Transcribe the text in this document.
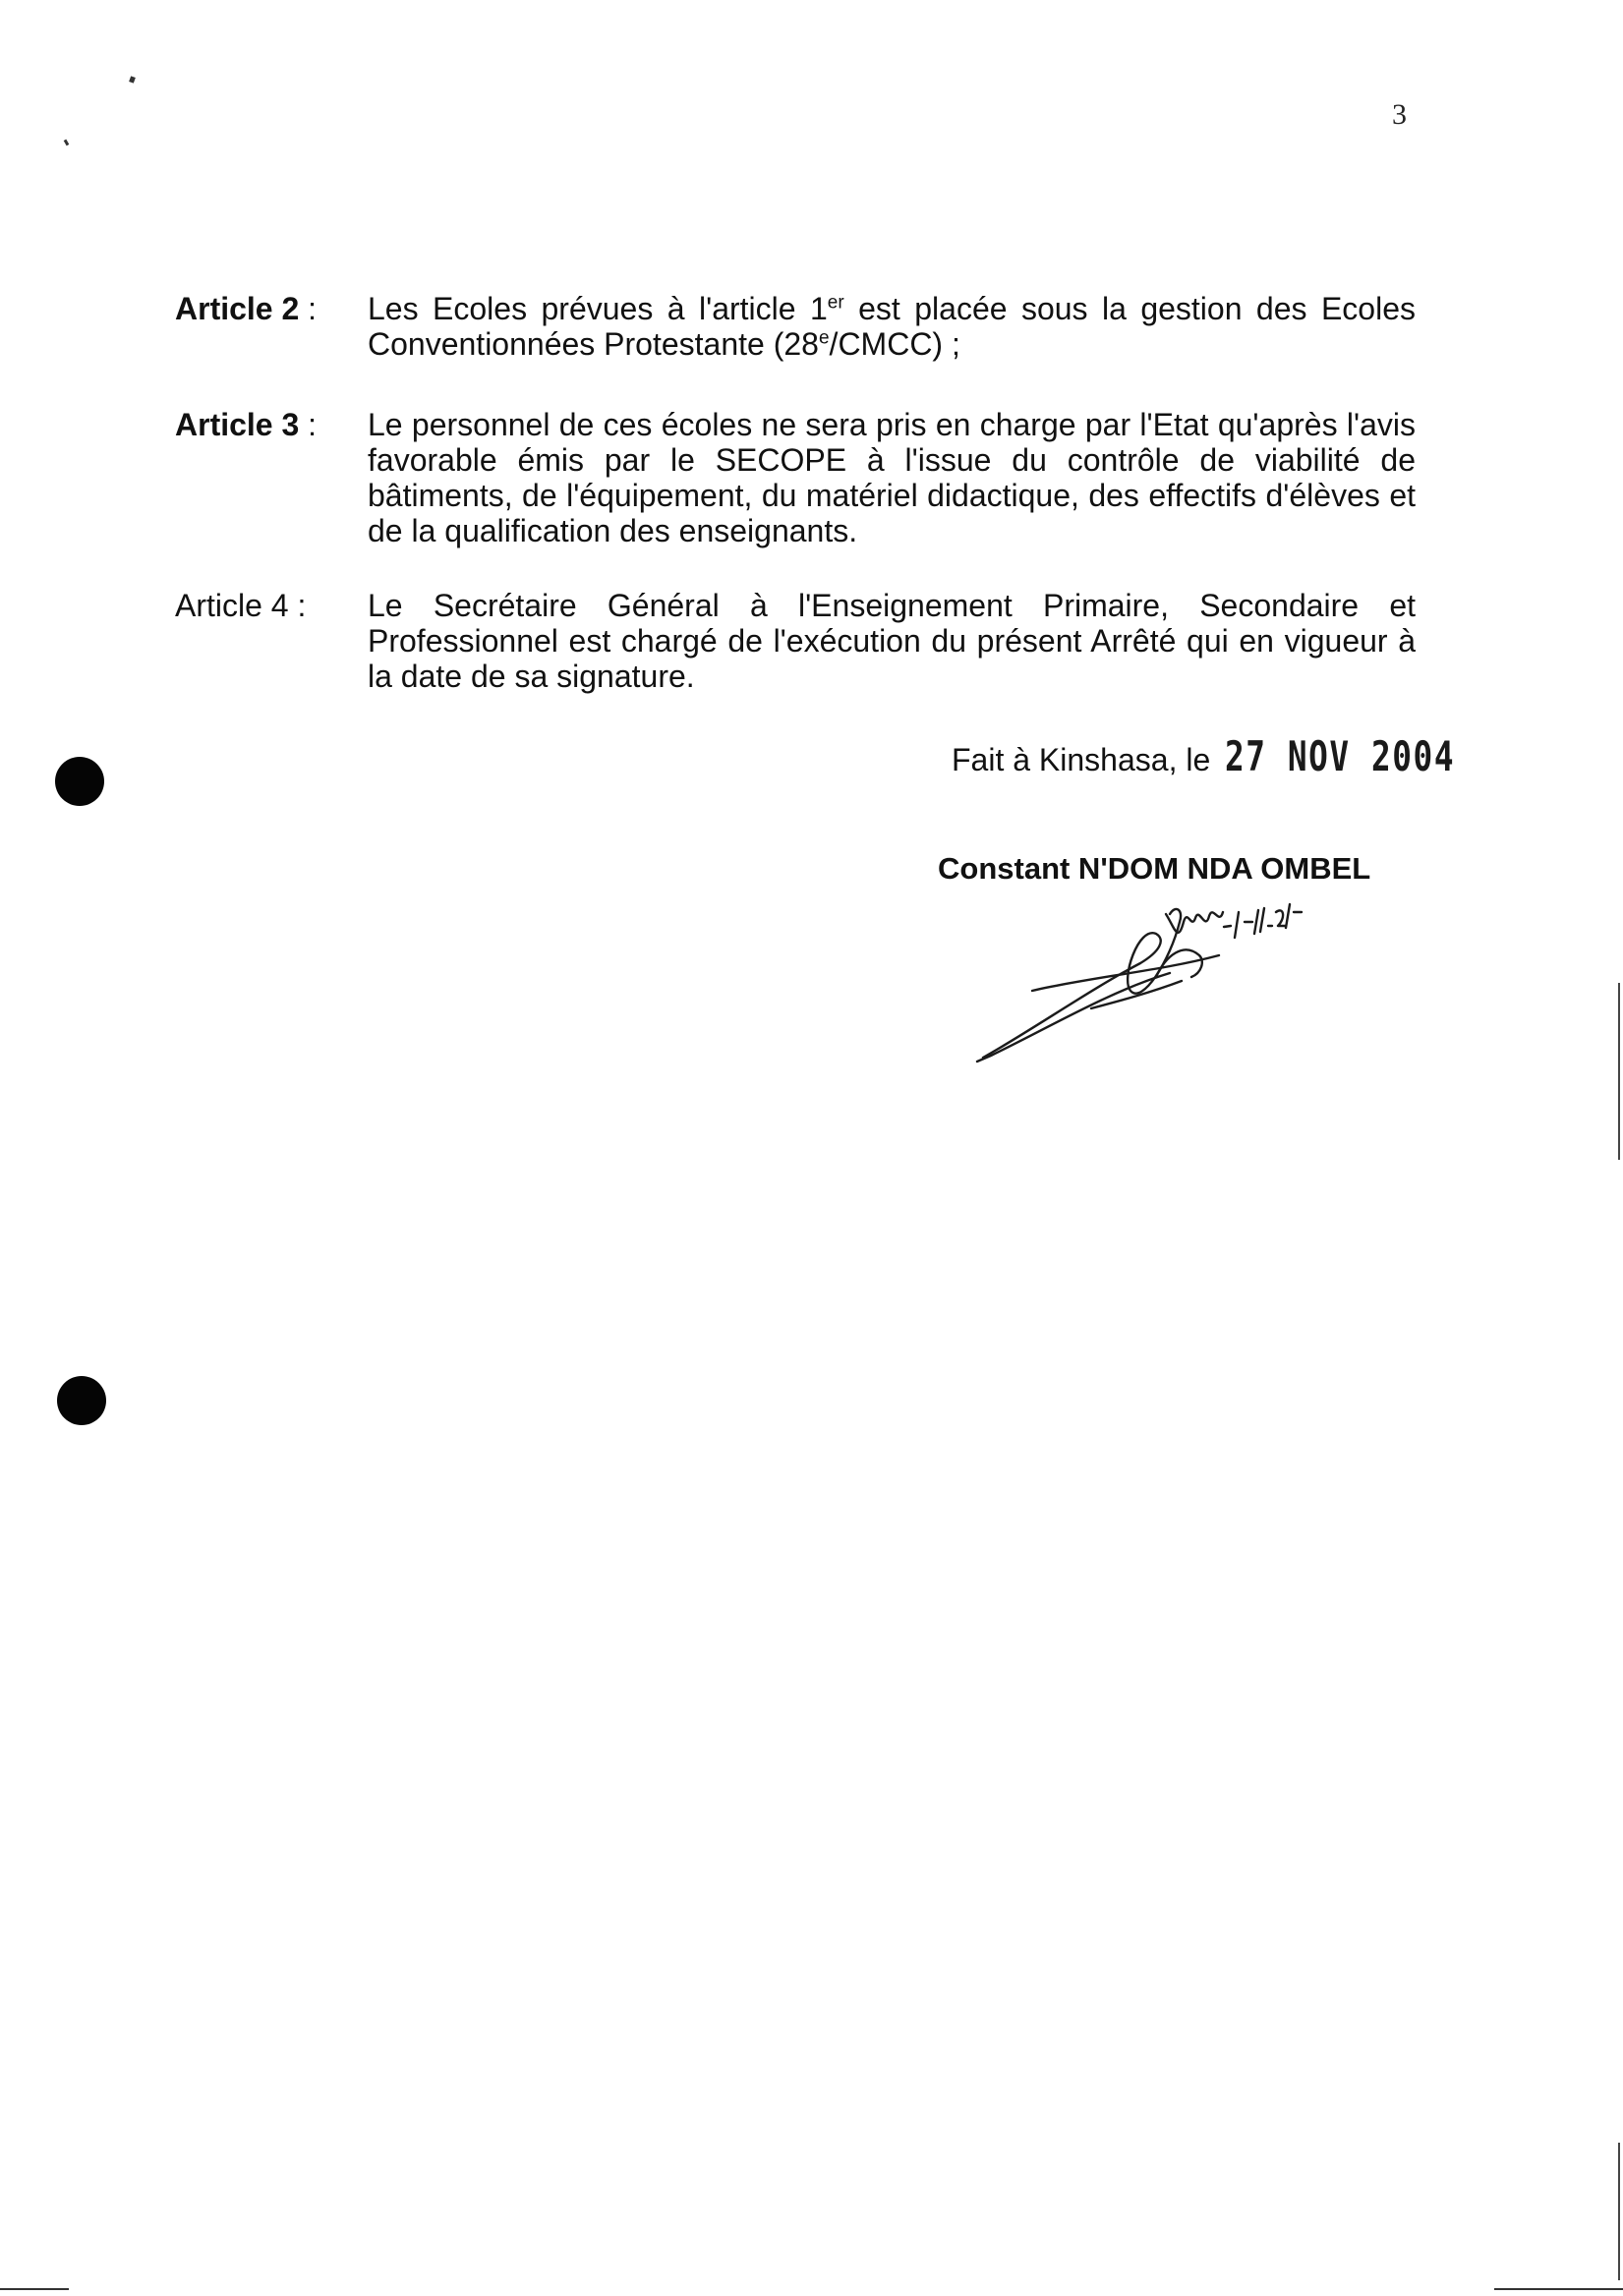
3
Article 2 :	Les Ecoles prévues à l'article 1er est placée sous la gestion des Ecoles Conventionnées Protestante (28e/CMCC) ;
Article 3 :	Le personnel de ces écoles ne sera pris en charge par l'Etat qu'après l'avis favorable émis par le SECOPE à l'issue du contrôle de viabilité de bâtiments, de l'équipement, du matériel didactique, des effectifs d'élèves et de la qualification des enseignants.
Article 4 :	Le Secrétaire Général à l'Enseignement Primaire, Secondaire et Professionnel est chargé de l'exécution du présent Arrêté qui en vigueur à la date de sa signature.
Fait à Kinshasa, le 27 NOV 2004
Constant N'DOM NDA OMBEL
